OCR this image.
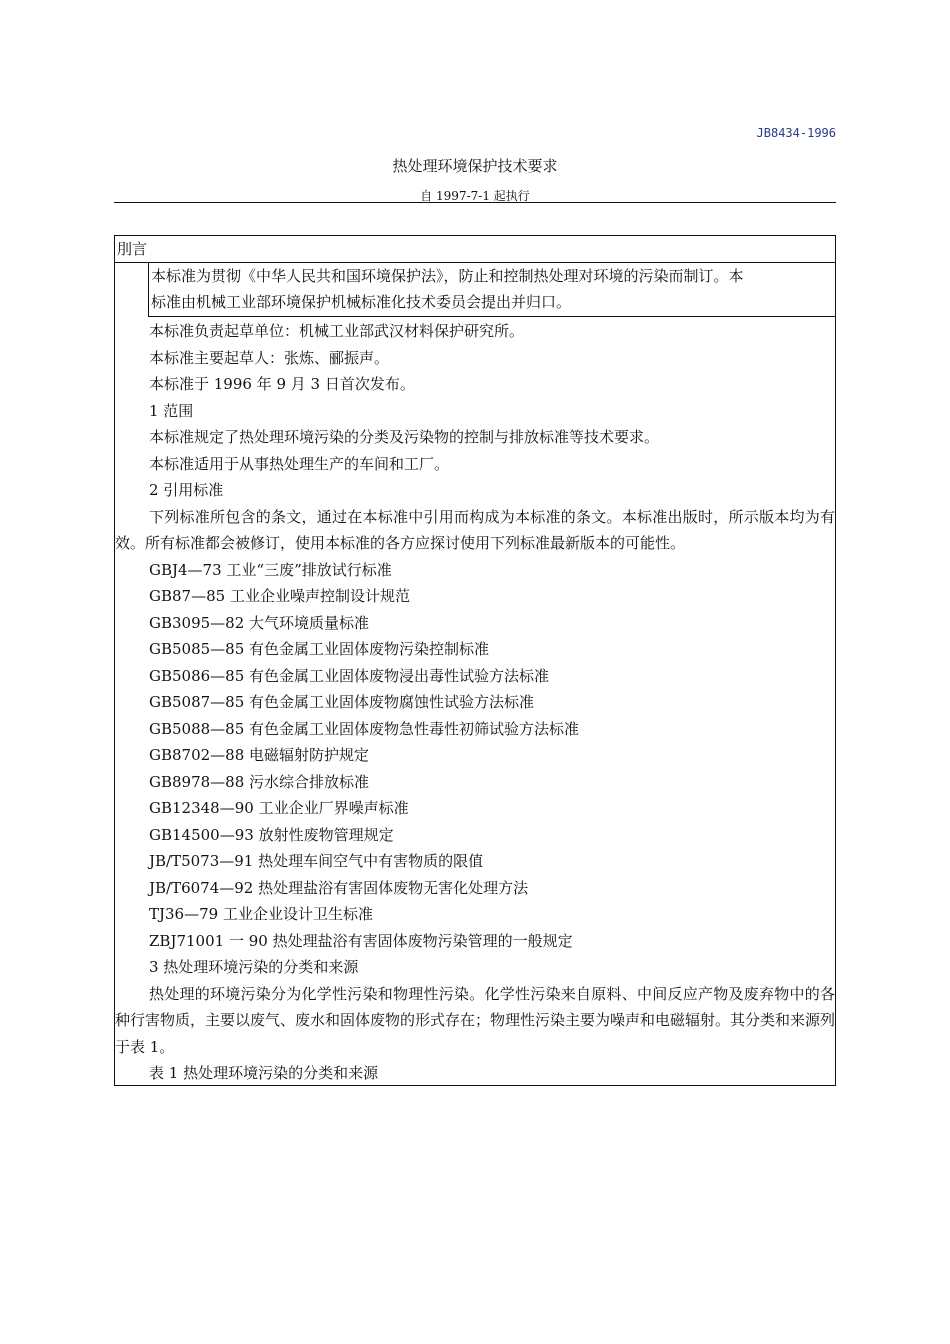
JB8434-1996
热处理环境保护技术要求
自 1997-7-1 起执行
刖言
本标准为贯彻《中华人民共和国环境保护法》，防止和控制热处理对环境的污染而制订。本
标准由机械工业部环境保护机械标准化技术委员会提出并归口。
本标准负责起草单位：机械工业部武汉材料保护研究所。
本标准主要起草人：张炼、郦振声。
本标准于 1996 年 9 月 3 日首次发布。
1 范围
本标准规定了热处理环境污染的分类及污染物的控制与排放标准等技术要求。
本标准适用于从事热处理生产的车间和工厂。
2 引用标准
下列标准所包含的条文，通过在本标准中引用而构成为本标准的条文。本标准出版时，所示版本均为有效。所有标准都会被修订，使用本标准的各方应探讨使用下列标准最新版本的可能性。
GBJ4—73 工业“三废”排放试行标准
GB87—85 工业企业噪声控制设计规范
GB3095—82 大气环境质量标准
GB5085—85 有色金属工业固体废物污染控制标准
GB5086—85 有色金属工业固体废物浸出毒性试验方法标准
GB5087—85 有色金属工业固体废物腐蚀性试验方法标准
GB5088—85 有色金属工业固体废物急性毒性初筛试验方法标准
GB8702—88 电磁辐射防护规定
GB8978—88 污水综合排放标准
GB12348—90 工业企业厂界噪声标准
GB14500—93 放射性废物管理规定
JB/T5073—91 热处理车间空气中有害物质的限值
JB/T6074—92 热处理盐浴有害固体废物无害化处理方法
TJ36—79 工业企业设计卫生标准
ZBJ71001 一 90 热处理盐浴有害固体废物污染管理的一般规定
3 热处理环境污染的分类和来源
热处理的环境污染分为化学性污染和物理性污染。化学性污染来自原料、中间反应产物及废弃物中的各种行害物质，主要以废气、废水和固体废物的形式存在；物理性污染主要为噪声和电磁辐射。其分类和来源列于表 1。
表 1 热处理环境污染的分类和来源
